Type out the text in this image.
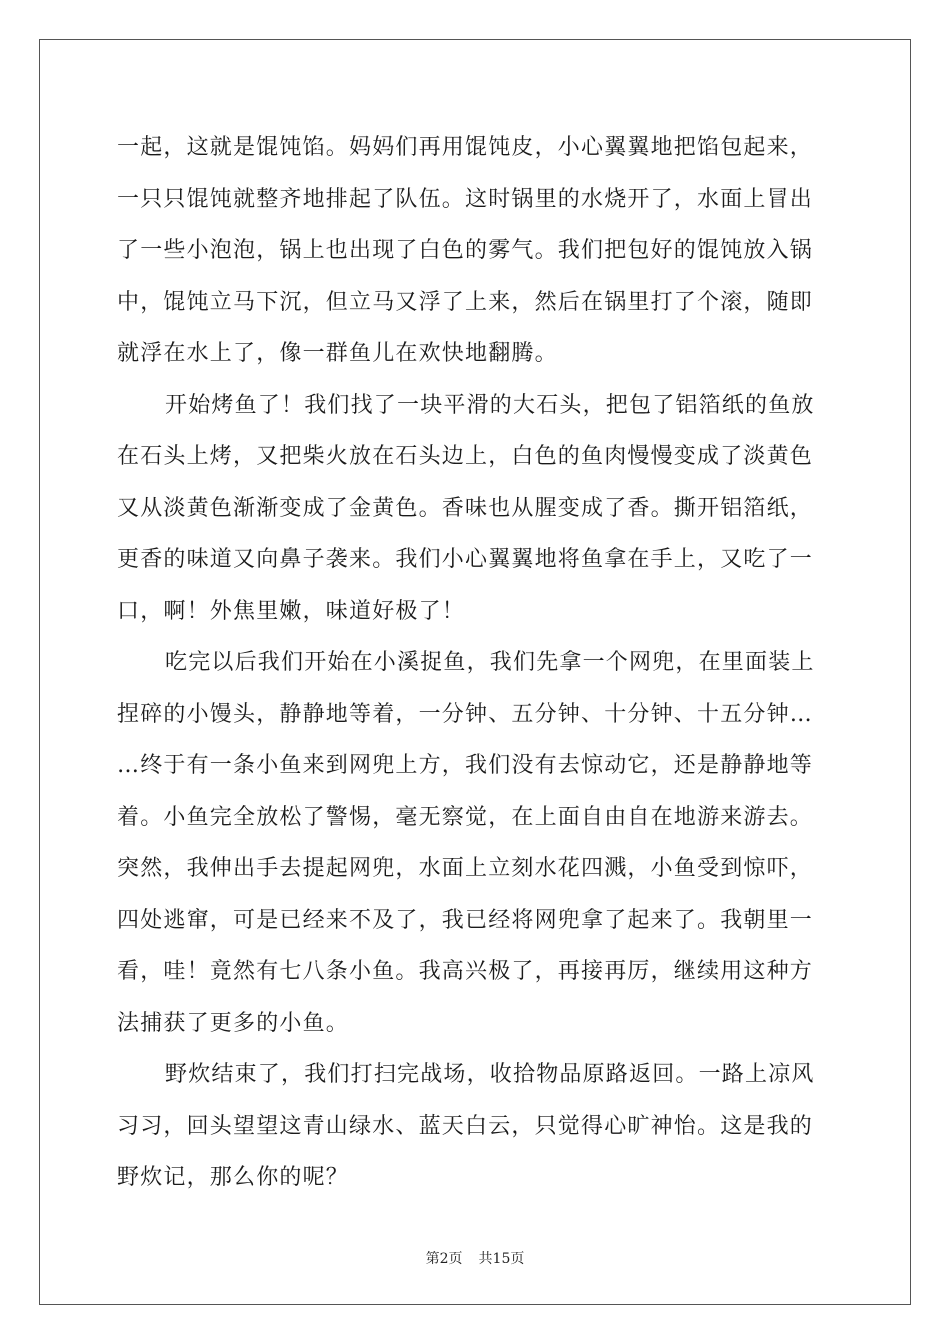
一起，这就是馄饨馅。妈妈们再用馄饨皮，小心翼翼地把馅包起来，
一只只馄饨就整齐地排起了队伍。这时锅里的水烧开了，水面上冒出
了一些小泡泡，锅上也出现了白色的雾气。我们把包好的馄饨放入锅
中，馄饨立马下沉，但立马又浮了上来，然后在锅里打了个滚，随即
就浮在水上了，像一群鱼儿在欢快地翻腾。

开始烤鱼了！我们找了一块平滑的大石头，把包了铝箔纸的鱼放
在石头上烤，又把柴火放在石头边上，白色的鱼肉慢慢变成了淡黄色
又从淡黄色渐渐变成了金黄色。香味也从腥变成了香。撕开铝箔纸，
更香的味道又向鼻子袭来。我们小心翼翼地将鱼拿在手上，又吃了一
口，啊！外焦里嫩，味道好极了！

吃完以后我们开始在小溪捉鱼，我们先拿一个网兜，在里面装上
捏碎的小馒头，静静地等着，一分钟、五分钟、十分钟、十五分钟…
…终于有一条小鱼来到网兜上方，我们没有去惊动它，还是静静地等
着。小鱼完全放松了警惕，毫无察觉，在上面自由自在地游来游去。
突然，我伸出手去提起网兜，水面上立刻水花四溅，小鱼受到惊吓，
四处逃窜，可是已经来不及了，我已经将网兜拿了起来了。我朝里一
看，哇！竟然有七八条小鱼。我高兴极了，再接再厉，继续用这种方
法捕获了更多的小鱼。

野炊结束了，我们打扫完战场，收拾物品原路返回。一路上凉风
习习，回头望望这青山绿水、蓝天白云，只觉得心旷神怡。这是我的
野炊记，那么你的呢？

第2页 共15页
